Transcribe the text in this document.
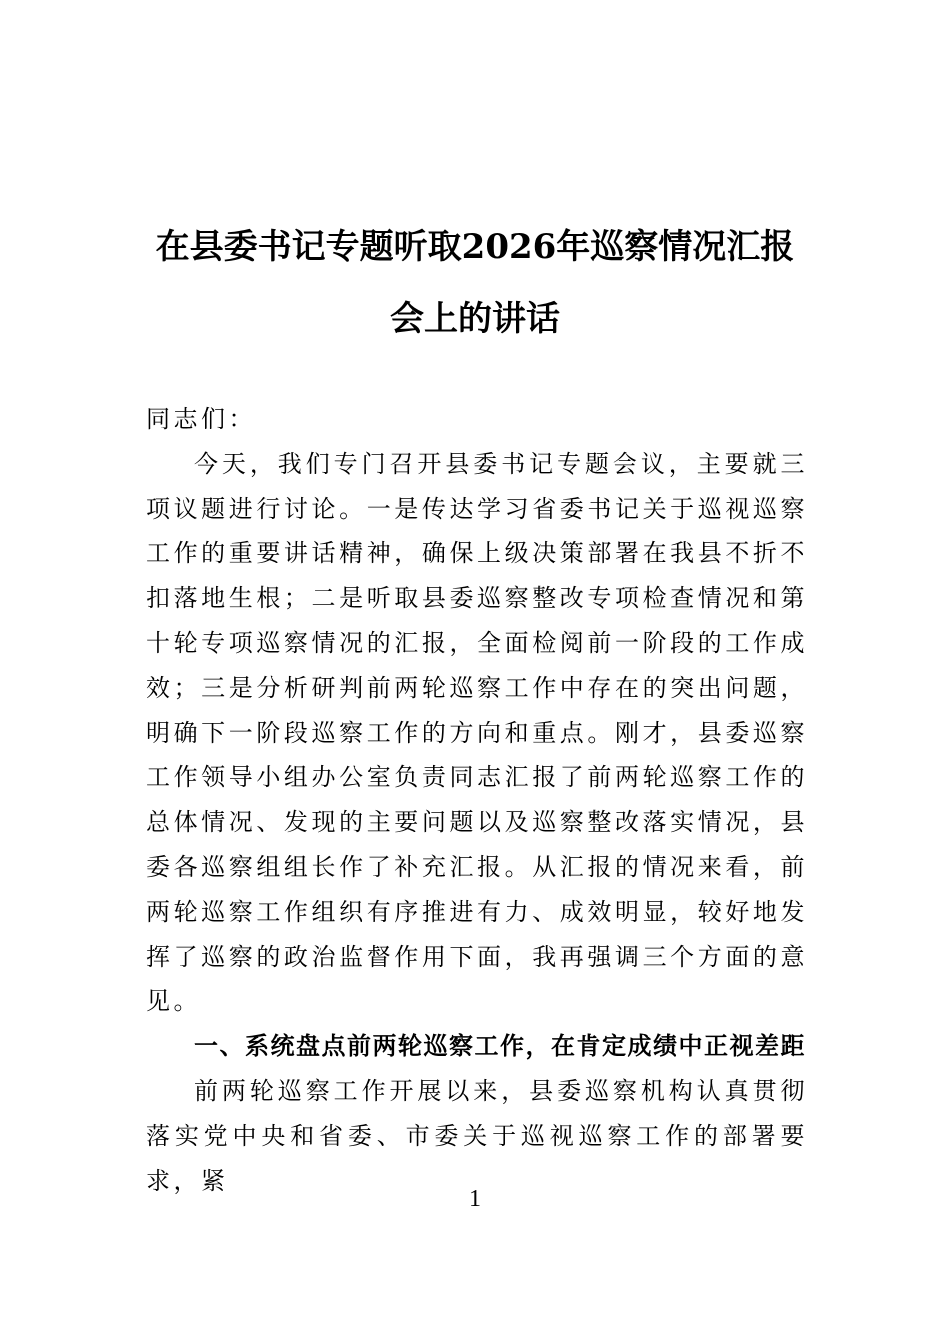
在县委书记专题听取2026年巡察情况汇报
会上的讲话

同志们：

今天，我们专门召开县委书记专题会议，主要就三项议题进行讨论。一是传达学习省委书记关于巡视巡察工作的重要讲话精神，确保上级决策部署在我县不折不扣落地生根；二是听取县委巡察整改专项检查情况和第十轮专项巡察情况的汇报，全面检阅前一阶段的工作成效；三是分析研判前两轮巡察工作中存在的突出问题，明确下一阶段巡察工作的方向和重点。刚才，县委巡察工作领导小组办公室负责同志汇报了前两轮巡察工作的总体情况、发现的主要问题以及巡察整改落实情况，县委各巡察组组长作了补充汇报。从汇报的情况来看，前两轮巡察工作组织有序推进有力、成效明显，较好地发挥了巡察的政治监督作用下面，我再强调三个方面的意见。

一、系统盘点前两轮巡察工作，在肯定成绩中正视差距

前两轮巡察工作开展以来，县委巡察机构认真贯彻落实党中央和省委、市委关于巡视巡察工作的部署要求，紧

1
